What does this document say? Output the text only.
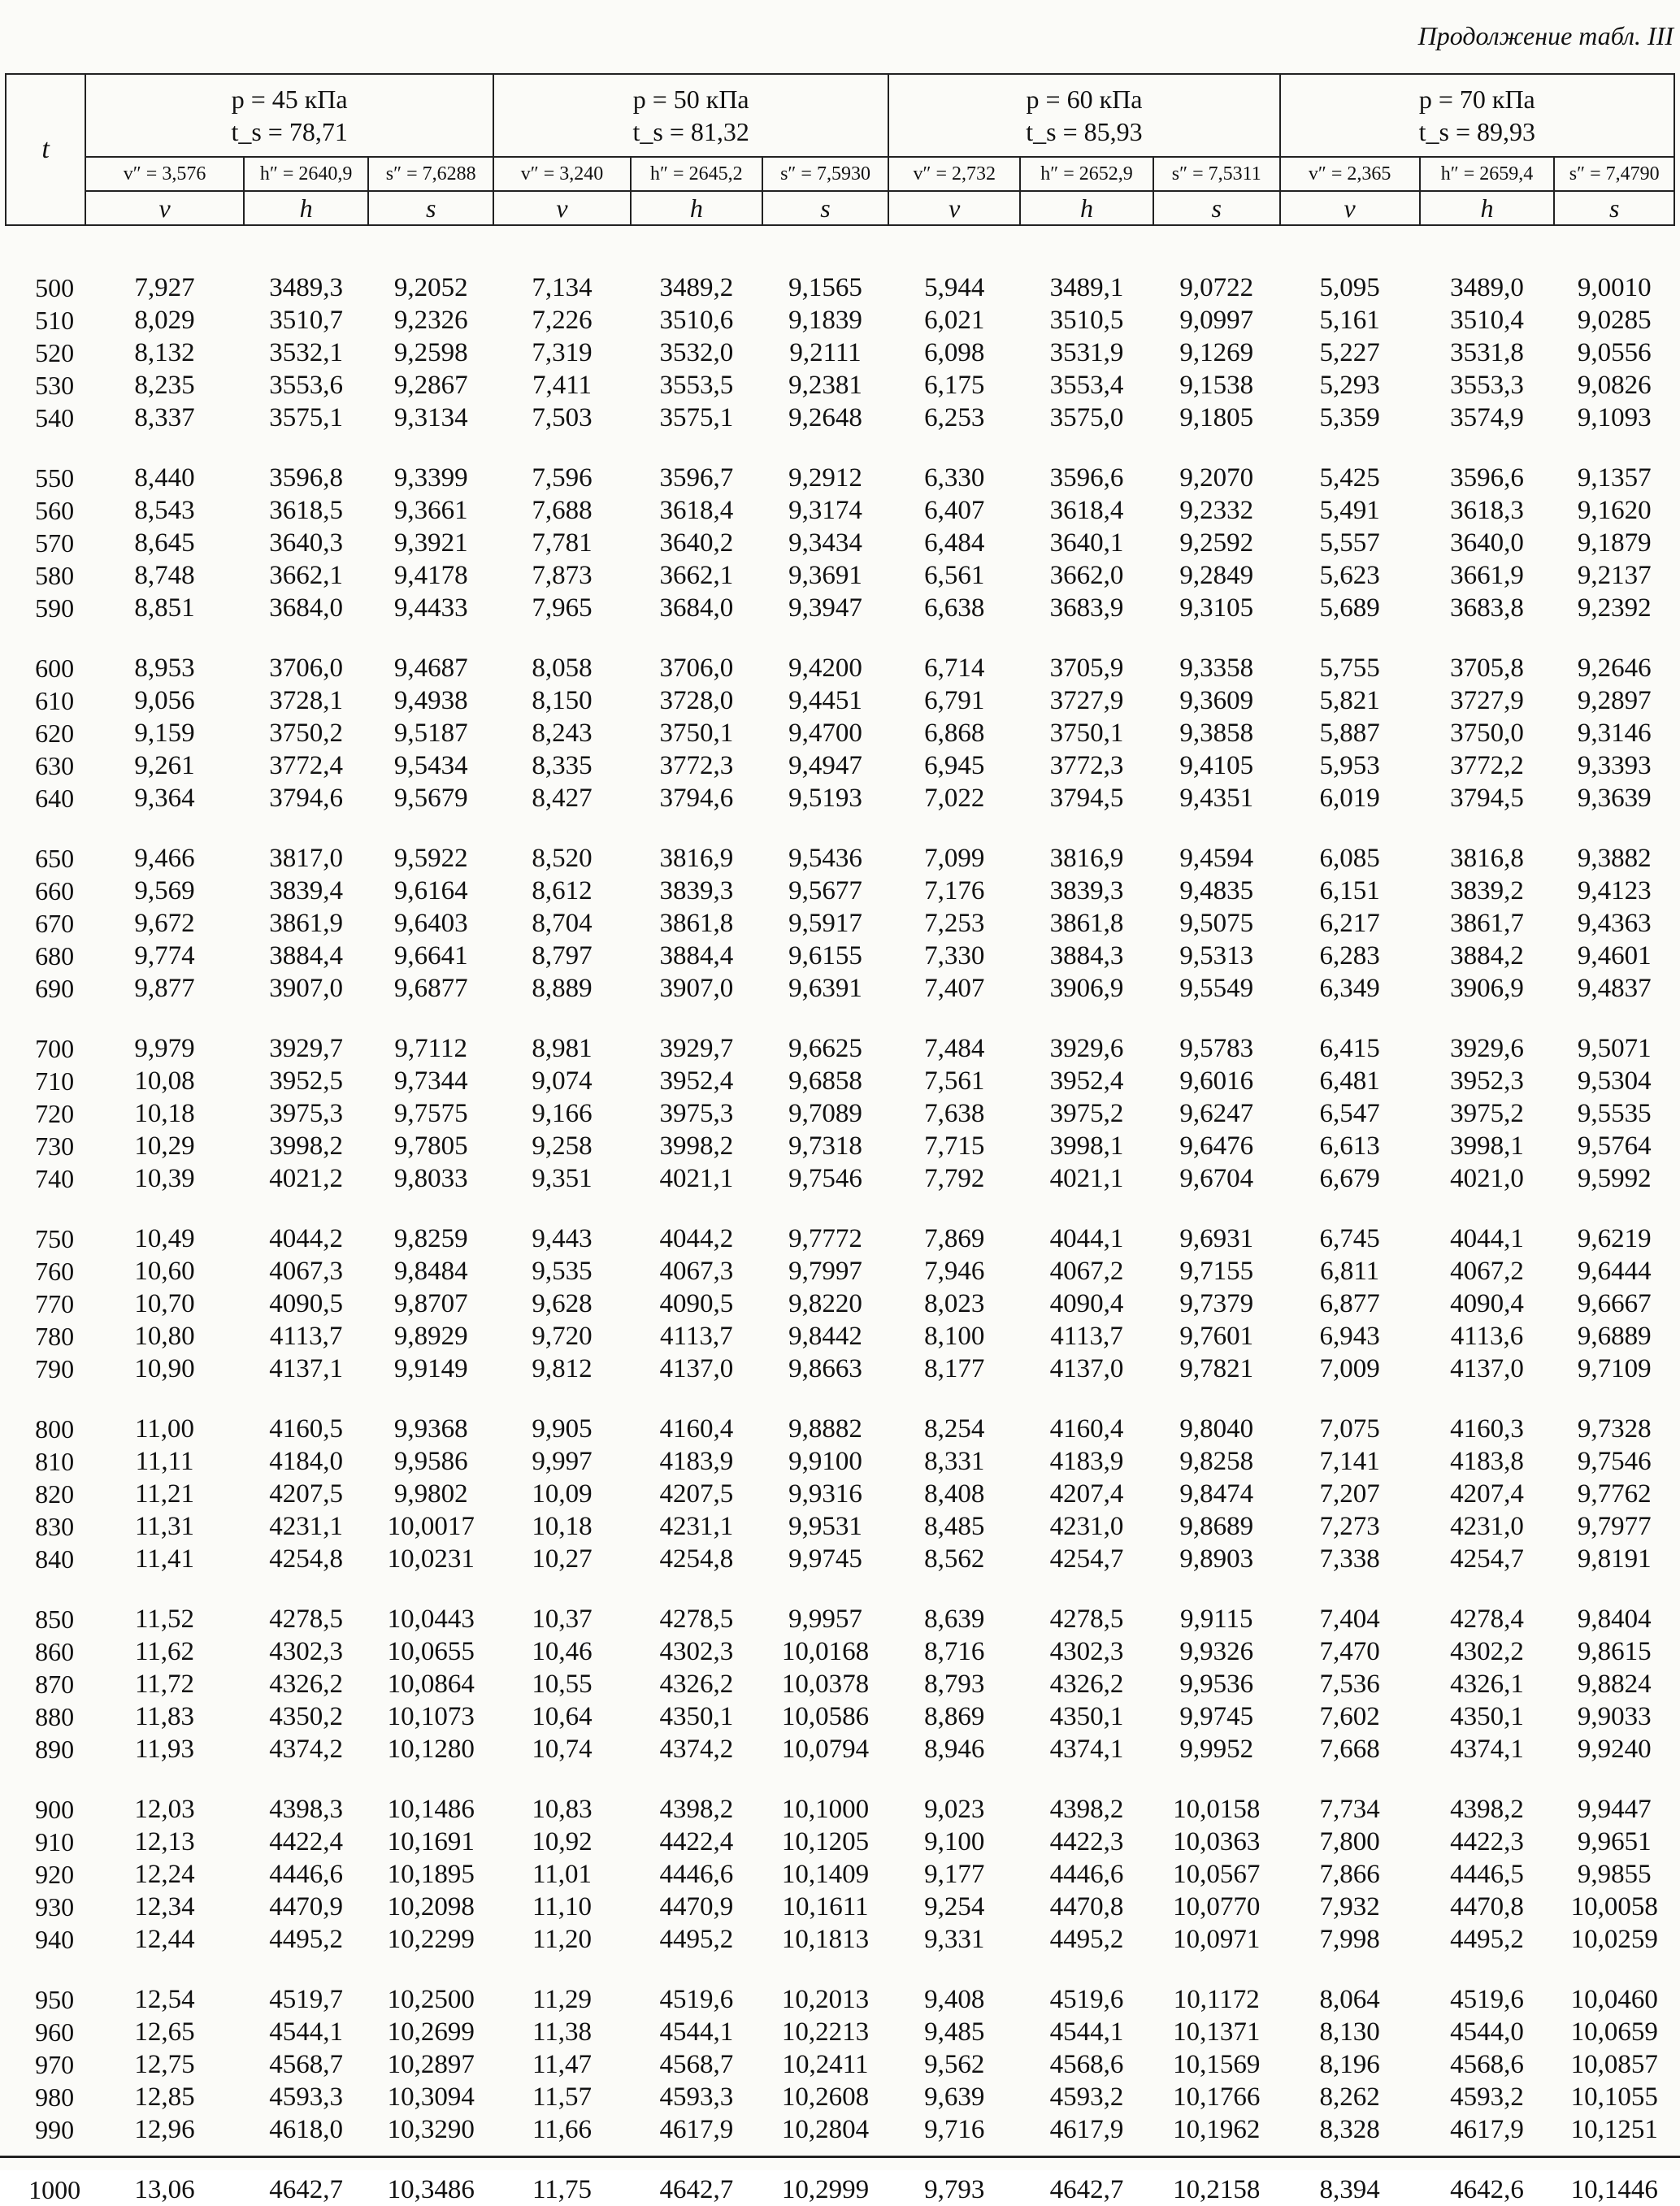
Продолжение табл. III
t	p = 45 кПа
t_s = 78,71			p = 50 кПа
t_s = 81,32			p = 60 кПа
t_s = 85,93			p = 70 кПа
t_s = 89,93		
	v″ = 3,576	h″ = 2640,9	s″ = 7,6288	v″ = 3,240	h″ = 2645,2	s″ = 7,5930	v″ = 2,732	h″ = 2652,9	s″ = 7,5311	v″ = 2,365	h″ = 2659,4	s″ = 7,4790
	v	h	s	v	h	s	v	h	s	v	h	s

500	7,927	3489,3	9,2052	7,134	3489,2	9,1565	5,944	3489,1	9,0722	5,095	3489,0	9,0010
510	8,029	3510,7	9,2326	7,226	3510,6	9,1839	6,021	3510,5	9,0997	5,161	3510,4	9,0285
520	8,132	3532,1	9,2598	7,319	3532,0	9,2111	6,098	3531,9	9,1269	5,227	3531,8	9,0556
530	8,235	3553,6	9,2867	7,411	3553,5	9,2381	6,175	3553,4	9,1538	5,293	3553,3	9,0826
540	8,337	3575,1	9,3134	7,503	3575,1	9,2648	6,253	3575,0	9,1805	5,359	3574,9	9,1093

550	8,440	3596,8	9,3399	7,596	3596,7	9,2912	6,330	3596,6	9,2070	5,425	3596,6	9,1357
560	8,543	3618,5	9,3661	7,688	3618,4	9,3174	6,407	3618,4	9,2332	5,491	3618,3	9,1620
570	8,645	3640,3	9,3921	7,781	3640,2	9,3434	6,484	3640,1	9,2592	5,557	3640,0	9,1879
580	8,748	3662,1	9,4178	7,873	3662,1	9,3691	6,561	3662,0	9,2849	5,623	3661,9	9,2137
590	8,851	3684,0	9,4433	7,965	3684,0	9,3947	6,638	3683,9	9,3105	5,689	3683,8	9,2392

600	8,953	3706,0	9,4687	8,058	3706,0	9,4200	6,714	3705,9	9,3358	5,755	3705,8	9,2646
610	9,056	3728,1	9,4938	8,150	3728,0	9,4451	6,791	3727,9	9,3609	5,821	3727,9	9,2897
620	9,159	3750,2	9,5187	8,243	3750,1	9,4700	6,868	3750,1	9,3858	5,887	3750,0	9,3146
630	9,261	3772,4	9,5434	8,335	3772,3	9,4947	6,945	3772,3	9,4105	5,953	3772,2	9,3393
640	9,364	3794,6	9,5679	8,427	3794,6	9,5193	7,022	3794,5	9,4351	6,019	3794,5	9,3639

650	9,466	3817,0	9,5922	8,520	3816,9	9,5436	7,099	3816,9	9,4594	6,085	3816,8	9,3882
660	9,569	3839,4	9,6164	8,612	3839,3	9,5677	7,176	3839,3	9,4835	6,151	3839,2	9,4123
670	9,672	3861,9	9,6403	8,704	3861,8	9,5917	7,253	3861,8	9,5075	6,217	3861,7	9,4363
680	9,774	3884,4	9,6641	8,797	3884,4	9,6155	7,330	3884,3	9,5313	6,283	3884,2	9,4601
690	9,877	3907,0	9,6877	8,889	3907,0	9,6391	7,407	3906,9	9,5549	6,349	3906,9	9,4837

700	9,979	3929,7	9,7112	8,981	3929,7	9,6625	7,484	3929,6	9,5783	6,415	3929,6	9,5071
710	10,08	3952,5	9,7344	9,074	3952,4	9,6858	7,561	3952,4	9,6016	6,481	3952,3	9,5304
720	10,18	3975,3	9,7575	9,166	3975,3	9,7089	7,638	3975,2	9,6247	6,547	3975,2	9,5535
730	10,29	3998,2	9,7805	9,258	3998,2	9,7318	7,715	3998,1	9,6476	6,613	3998,1	9,5764
740	10,39	4021,2	9,8033	9,351	4021,1	9,7546	7,792	4021,1	9,6704	6,679	4021,0	9,5992

750	10,49	4044,2	9,8259	9,443	4044,2	9,7772	7,869	4044,1	9,6931	6,745	4044,1	9,6219
760	10,60	4067,3	9,8484	9,535	4067,3	9,7997	7,946	4067,2	9,7155	6,811	4067,2	9,6444
770	10,70	4090,5	9,8707	9,628	4090,5	9,8220	8,023	4090,4	9,7379	6,877	4090,4	9,6667
780	10,80	4113,7	9,8929	9,720	4113,7	9,8442	8,100	4113,7	9,7601	6,943	4113,6	9,6889
790	10,90	4137,1	9,9149	9,812	4137,0	9,8663	8,177	4137,0	9,7821	7,009	4137,0	9,7109

800	11,00	4160,5	9,9368	9,905	4160,4	9,8882	8,254	4160,4	9,8040	7,075	4160,3	9,7328
810	11,11	4184,0	9,9586	9,997	4183,9	9,9100	8,331	4183,9	9,8258	7,141	4183,8	9,7546
820	11,21	4207,5	9,9802	10,09	4207,5	9,9316	8,408	4207,4	9,8474	7,207	4207,4	9,7762
830	11,31	4231,1	10,0017	10,18	4231,1	9,9531	8,485	4231,0	9,8689	7,273	4231,0	9,7977
840	11,41	4254,8	10,0231	10,27	4254,8	9,9745	8,562	4254,7	9,8903	7,338	4254,7	9,8191

850	11,52	4278,5	10,0443	10,37	4278,5	9,9957	8,639	4278,5	9,9115	7,404	4278,4	9,8404
860	11,62	4302,3	10,0655	10,46	4302,3	10,0168	8,716	4302,3	9,9326	7,470	4302,2	9,8615
870	11,72	4326,2	10,0864	10,55	4326,2	10,0378	8,793	4326,2	9,9536	7,536	4326,1	9,8824
880	11,83	4350,2	10,1073	10,64	4350,1	10,0586	8,869	4350,1	9,9745	7,602	4350,1	9,9033
890	11,93	4374,2	10,1280	10,74	4374,2	10,0794	8,946	4374,1	9,9952	7,668	4374,1	9,9240

900	12,03	4398,3	10,1486	10,83	4398,2	10,1000	9,023	4398,2	10,0158	7,734	4398,2	9,9447
910	12,13	4422,4	10,1691	10,92	4422,4	10,1205	9,100	4422,3	10,0363	7,800	4422,3	9,9651
920	12,24	4446,6	10,1895	11,01	4446,6	10,1409	9,177	4446,6	10,0567	7,866	4446,5	9,9855
930	12,34	4470,9	10,2098	11,10	4470,9	10,1611	9,254	4470,8	10,0770	7,932	4470,8	10,0058
940	12,44	4495,2	10,2299	11,20	4495,2	10,1813	9,331	4495,2	10,0971	7,998	4495,2	10,0259

950	12,54	4519,7	10,2500	11,29	4519,6	10,2013	9,408	4519,6	10,1172	8,064	4519,6	10,0460
960	12,65	4544,1	10,2699	11,38	4544,1	10,2213	9,485	4544,1	10,1371	8,130	4544,0	10,0659
970	12,75	4568,7	10,2897	11,47	4568,7	10,2411	9,562	4568,6	10,1569	8,196	4568,6	10,0857
980	12,85	4593,3	10,3094	11,57	4593,3	10,2608	9,639	4593,2	10,1766	8,262	4593,2	10,1055
990	12,96	4618,0	10,3290	11,66	4617,9	10,2804	9,716	4617,9	10,1962	8,328	4617,9	10,1251

1000	13,06	4642,7	10,3486	11,75	4642,7	10,2999	9,793	4642,7	10,2158	8,394	4642,6	10,1446
